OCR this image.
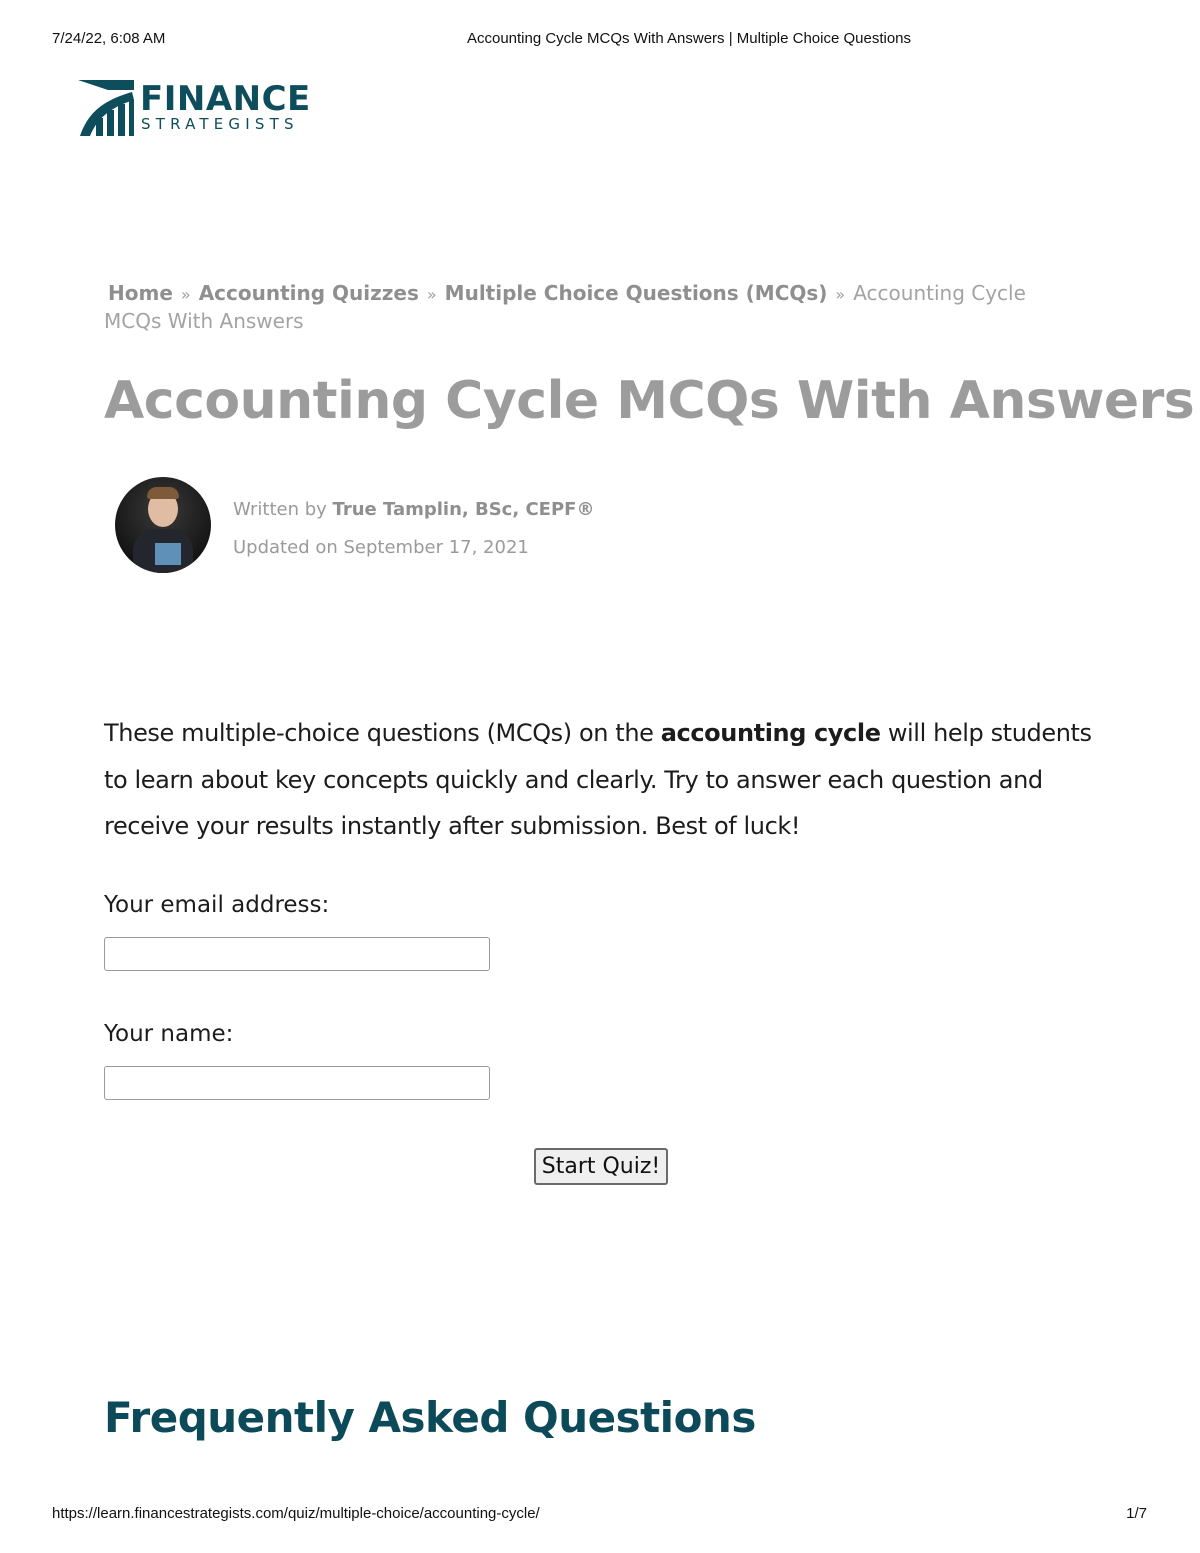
7/24/22, 6:08 AM	Accounting Cycle MCQs With Answers | Multiple Choice Questions
FINANCE
STRATEGISTS
Home » Accounting Quizzes » Multiple Choice Questions (MCQs) » Accounting Cycle MCQs With Answers
Accounting Cycle MCQs With Answers
Written by True Tamplin, BSc, CEPF®
Updated on September 17, 2021

These multiple-choice questions (MCQs) on the accounting cycle will help students to learn about key concepts quickly and clearly. Try to answer each question and receive your results instantly after submission. Best of luck!

Your email address:
Your name:
Start Quiz!
Frequently Asked Questions
https://learn.financestrategists.com/quiz/multiple-choice/accounting-cycle/	1/7
